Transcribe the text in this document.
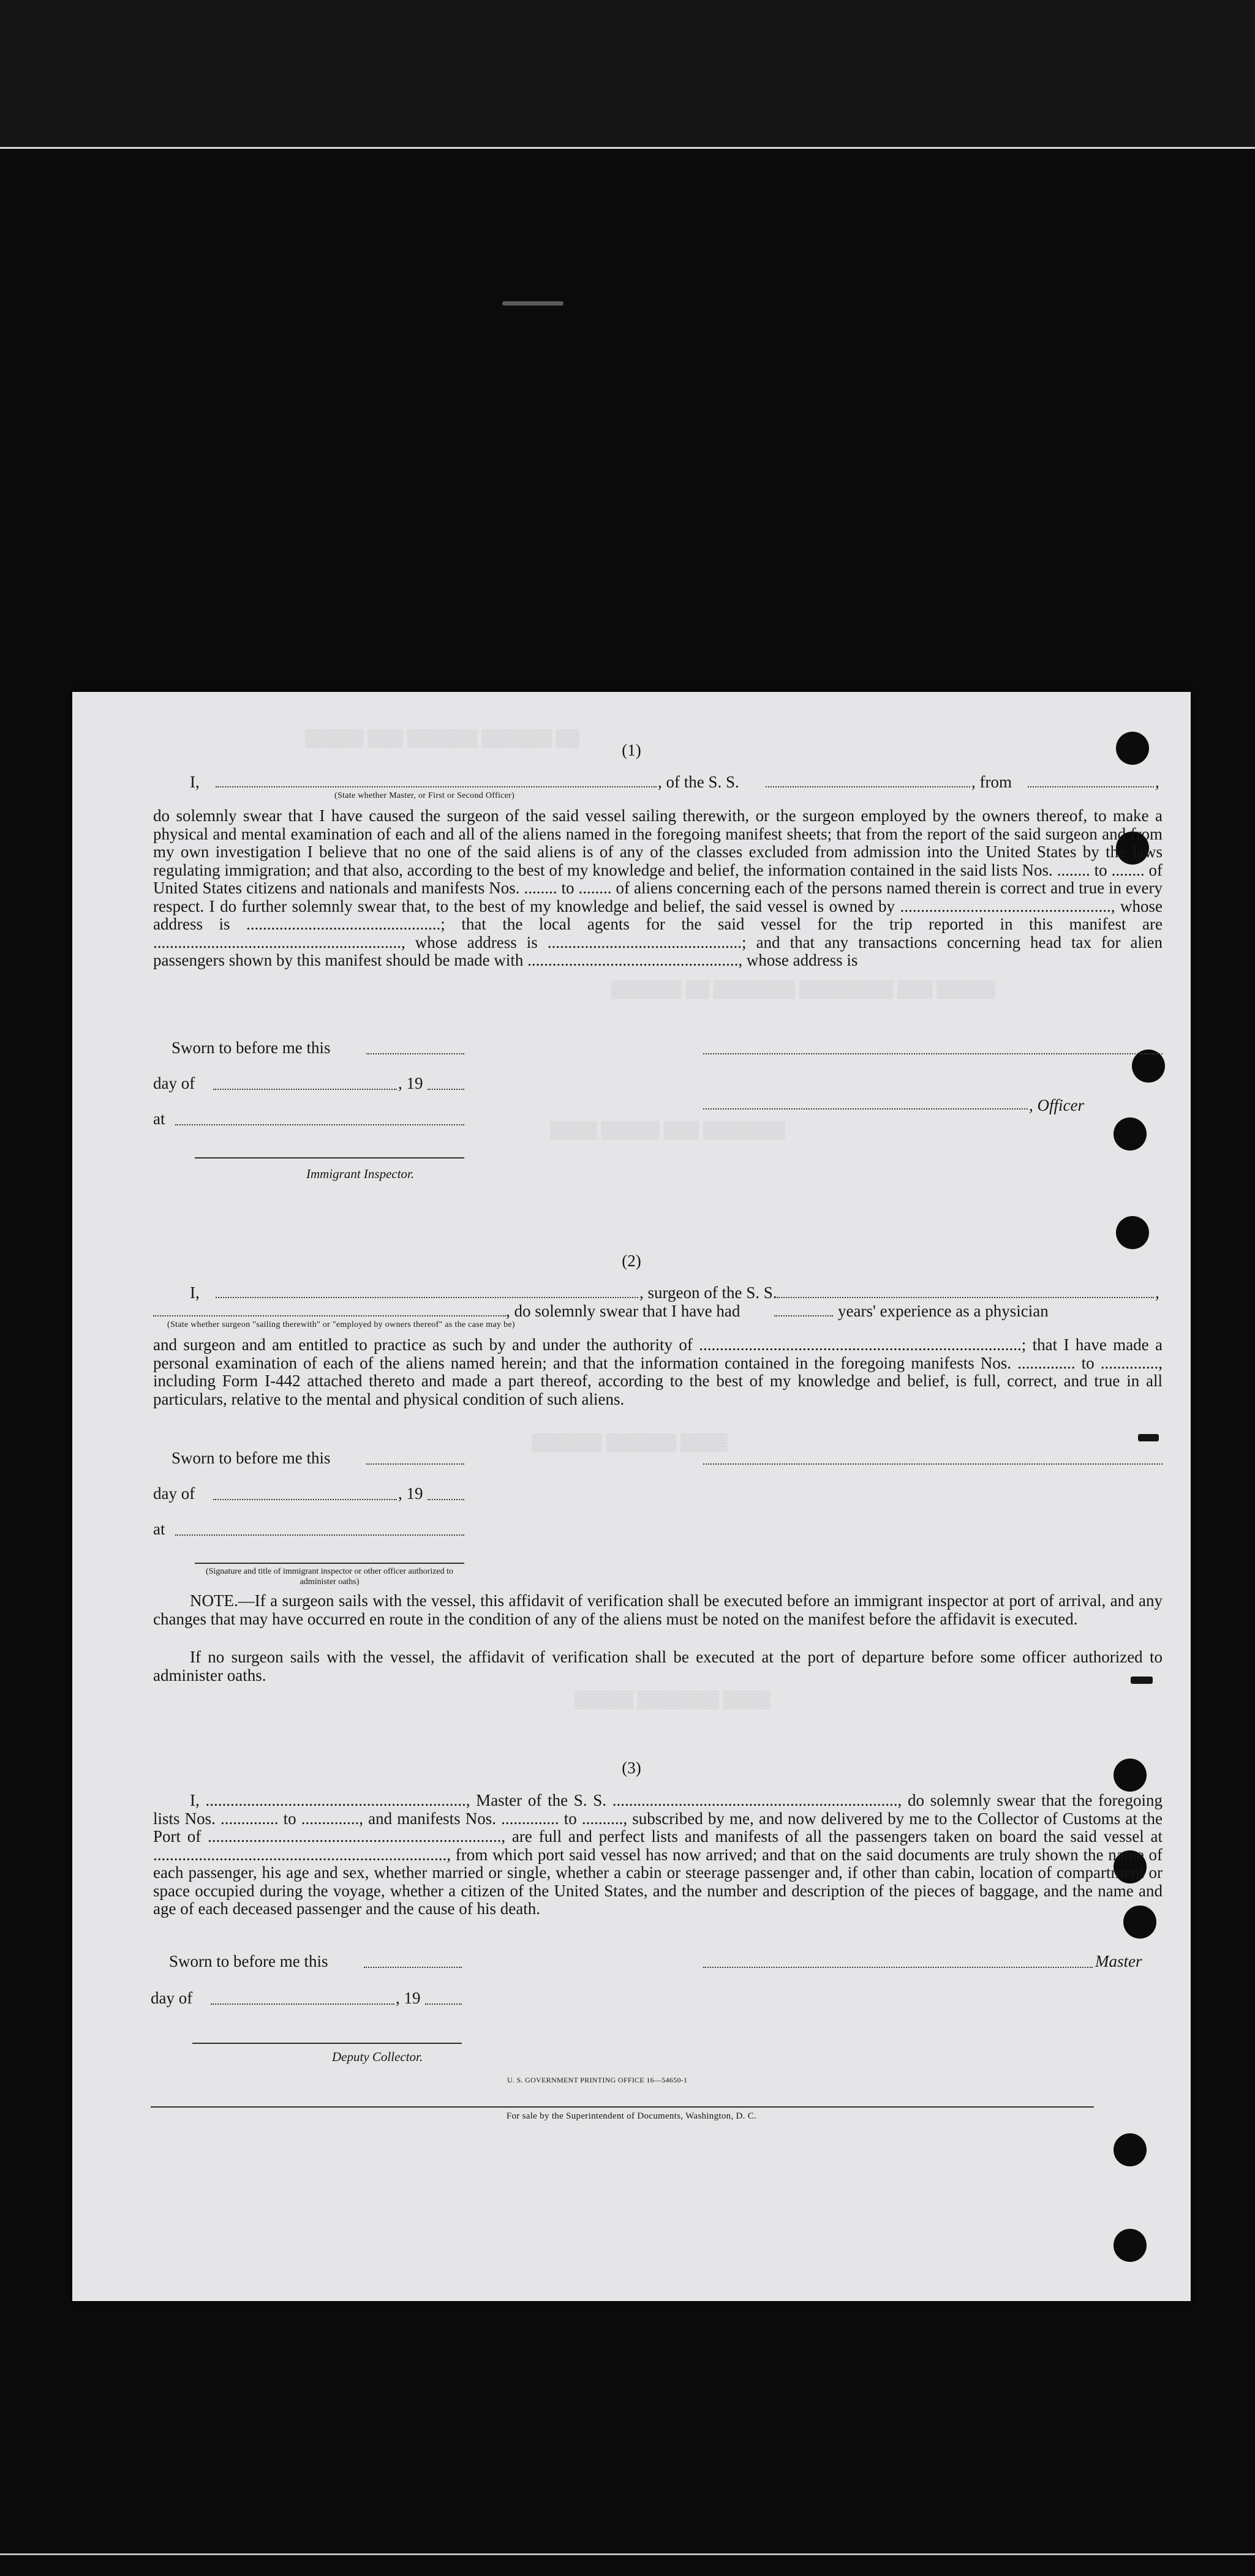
▒▒▒▒▒ ▒▒▒ ▒▒▒▒▒▒ ▒▒▒▒▒▒ ▒▒
▒▒▒▒▒▒ ▒▒ ▒▒▒▒▒▒▒ ▒▒▒▒▒▒▒▒ ▒▒▒ ▒▒▒▒▒
▒▒▒▒ ▒▒▒▒▒ ▒▒▒ ▒▒▒▒▒▒▒
▒▒▒▒▒▒ ▒▒▒▒▒▒ ▒▒▒▒
▒▒▒▒▒ ▒▒▒▒▒▒▒ ▒▒▒▒
(1)
I,	, of the S. S.	, from	,
(State whether Master, or First or Second Officer)
do solemnly swear that I have caused the surgeon of the said vessel sailing therewith, or the surgeon employed by the owners thereof, to make a physical and mental examination of each and all of the aliens named in the foregoing manifest sheets; that from the report of the said surgeon and from my own investigation I believe that no one of the said aliens is of any of the classes excluded from admission into the United States by the laws regulating immigration; and that also, according to the best of my knowledge and belief, the information contained in the said lists Nos. ........ to ........ of United States citizens and nationals and manifests Nos. ........ to ........ of aliens concerning each of the persons named therein is correct and true in every respect. I do further solemnly swear that, to the best of my knowledge and belief, the said vessel is owned by ..................................................., whose address is ...............................................; that the local agents for the said vessel for the trip reported in this manifest are ............................................................, whose address is ...............................................; and that any transactions concerning head tax for alien passengers shown by this manifest should be made with ..................................................., whose address is
Sworn to before me this
day of	, 19
, Officer
at
Immigrant Inspector.
(2)
I,	, surgeon of the S. S.	,
, do solemnly swear that I have had	years' experience as a physician
(State whether surgeon "sailing therewith" or "employed by owners thereof" as the case may be)
and surgeon and am entitled to practice as such by and under the authority of ..............................................................................; that I have made a personal examination of each of the aliens named herein; and that the information contained in the foregoing manifests Nos. .............. to .............., including Form I-442 attached thereto and made a part thereof, according to the best of my knowledge and belief, is full, correct, and true in all particulars, relative to the mental and physical condition of such aliens.
Sworn to before me this
day of	, 19
at
(Signature and title of immigrant inspector or other officer authorized to administer oaths)
NOTE.—If a surgeon sails with the vessel, this affidavit of verification shall be executed before an immigrant inspector at port of arrival, and any changes that may have occurred en route in the condition of any of the aliens must be noted on the manifest before the affidavit is executed.
If no surgeon sails with the vessel, the affidavit of verification shall be executed at the port of departure before some officer authorized to administer oaths.
(3)
I, ..............................................................., Master of the S. S. ....................................................................., do solemnly swear that the foregoing lists Nos. .............. to .............., and manifests Nos. .............. to .........., subscribed by me, and now delivered by me to the Collector of Customs at the Port of ......................................................................., are full and perfect lists and manifests of all the passengers taken on board the said vessel at ......................................................................., from which port said vessel has now arrived; and that on the said documents are truly shown the name of each passenger, his age and sex, whether married or single, whether a cabin or steerage passenger and, if other than cabin, location of compartment or space occupied during the voyage, whether a citizen of the United States, and the number and description of the pieces of baggage, and the name and age of each deceased passenger and the cause of his death.
Sworn to before me this	Master
day of	, 19
Deputy Collector.
U. S. GOVERNMENT PRINTING OFFICE 16—54650-1
For sale by the Superintendent of Documents, Washington, D. C.
